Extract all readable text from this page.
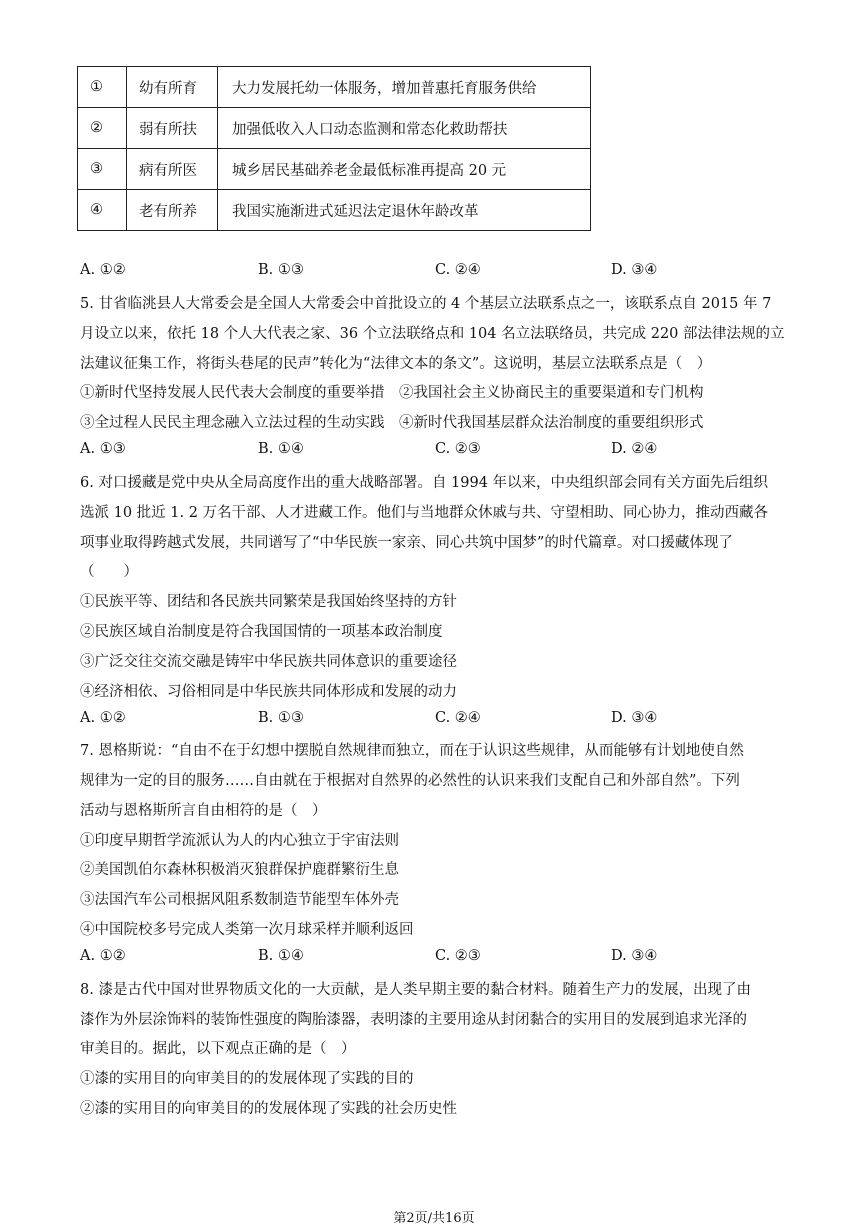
①	幼有所育	大力发展托幼一体服务，增加普惠托育服务供给
②	弱有所扶	加强低收入人口动态监测和常态化救助帮扶
③	病有所医	城乡居民基础养老金最低标准再提高 20 元
④	老有所养	我国实施渐进式延迟法定退休年龄改革
A. ①②	B. ①③	C. ②④	D. ③④
5. 甘省临洮县人大常委会是全国人大常委会中首批设立的 4 个基层立法联系点之一，该联系点自 2015 年 7
月设立以来，依托 18 个人大代表之家、36 个立法联络点和 104 名立法联络员，共完成 220 部法律法规的立
法建议征集工作，将街头巷尾的民声”转化为“法律文本的条文”。这说明，基层立法联系点是（　）
①新时代坚持发展人民代表大会制度的重要举措　②我国社会主义协商民主的重要渠道和专门机构
③全过程人民民主理念融入立法过程的生动实践　④新时代我国基层群众法治制度的重要组织形式
A. ①③	B. ①④	C. ②③	D. ②④
6. 对口援藏是党中央从全局高度作出的重大战略部署。自 1994 年以来，中央组织部会同有关方面先后组织
选派 10 批近 1. 2 万名干部、人才进藏工作。他们与当地群众休戚与共、守望相助、同心协力，推动西藏各
项事业取得跨越式发展，共同谱写了“中华民族一家亲、同心共筑中国梦”的时代篇章。对口援藏体现了
（　　）
①民族平等、团结和各民族共同繁荣是我国始终坚持的方针
②民族区域自治制度是符合我国国情的一项基本政治制度
③广泛交往交流交融是铸牢中华民族共同体意识的重要途径
④经济相依、习俗相同是中华民族共同体形成和发展的动力
A. ①②	B. ①③	C. ②④	D. ③④
7. 恩格斯说：“自由不在于幻想中摆脱自然规律而独立，而在于认识这些规律，从而能够有计划地使自然
规律为一定的目的服务……自由就在于根据对自然界的必然性的认识来我们支配自己和外部自然”。下列
活动与恩格斯所言自由相符的是（　）
①印度早期哲学流派认为人的内心独立于宇宙法则
②美国凯伯尔森林积极消灭狼群保护鹿群繁衍生息
③法国汽车公司根据风阻系数制造节能型车体外壳
④中国院校多号完成人类第一次月球采样并顺利返回
A. ①②	B. ①④	C. ②③	D. ③④
8. 漆是古代中国对世界物质文化的一大贡献，是人类早期主要的黏合材料。随着生产力的发展，出现了由
漆作为外层涂饰料的装饰性强度的陶胎漆器，表明漆的主要用途从封闭黏合的实用目的发展到追求光泽的
审美目的。据此，以下观点正确的是（　）
①漆的实用目的向审美目的的发展体现了实践的目的
②漆的实用目的向审美目的的发展体现了实践的社会历史性
第2页/共16页
